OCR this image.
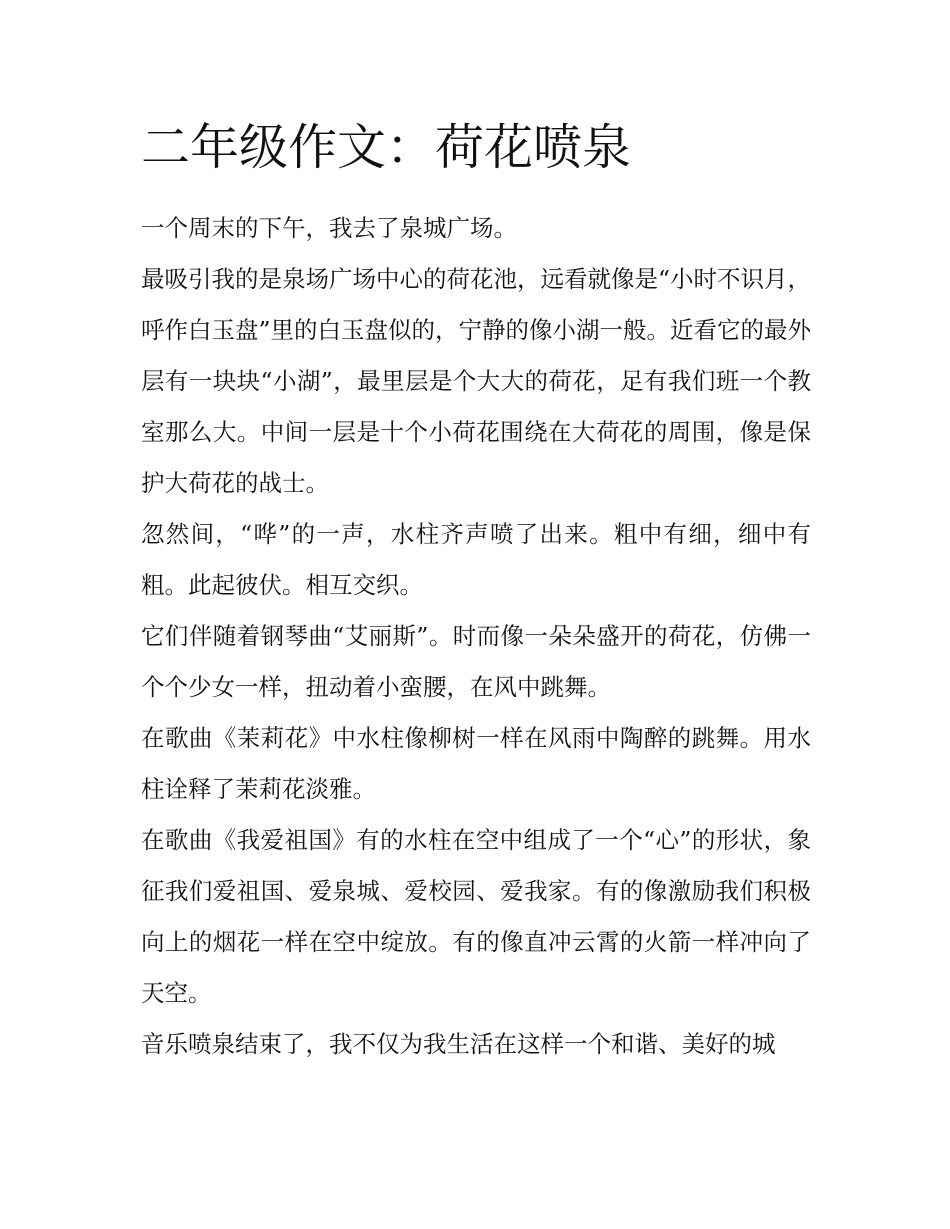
二年级作文：荷花喷泉

一个周末的下午，我去了泉城广场。

最吸引我的是泉场广场中心的荷花池，远看就像是“小时不识月，呼作白玉盘”里的白玉盘似的，宁静的像小湖一般。近看它的最外层有一块块“小湖”，最里层是个大大的荷花，足有我们班一个教室那么大。中间一层是十个小荷花围绕在大荷花的周围，像是保护大荷花的战士。

忽然间，“哗”的一声，水柱齐声喷了出来。粗中有细，细中有粗。此起彼伏。相互交织。

它们伴随着钢琴曲“艾丽斯”。时而像一朵朵盛开的荷花，仿佛一个个少女一样，扭动着小蛮腰，在风中跳舞。

在歌曲《茉莉花》中水柱像柳树一样在风雨中陶醉的跳舞。用水柱诠释了茉莉花淡雅。

在歌曲《我爱祖国》有的水柱在空中组成了一个“心”的形状，象征我们爱祖国、爱泉城、爱校园、爱我家。有的像激励我们积极向上的烟花一样在空中绽放。有的像直冲云霄的火箭一样冲向了天空。

音乐喷泉结束了，我不仅为我生活在这样一个和谐、美好的城
